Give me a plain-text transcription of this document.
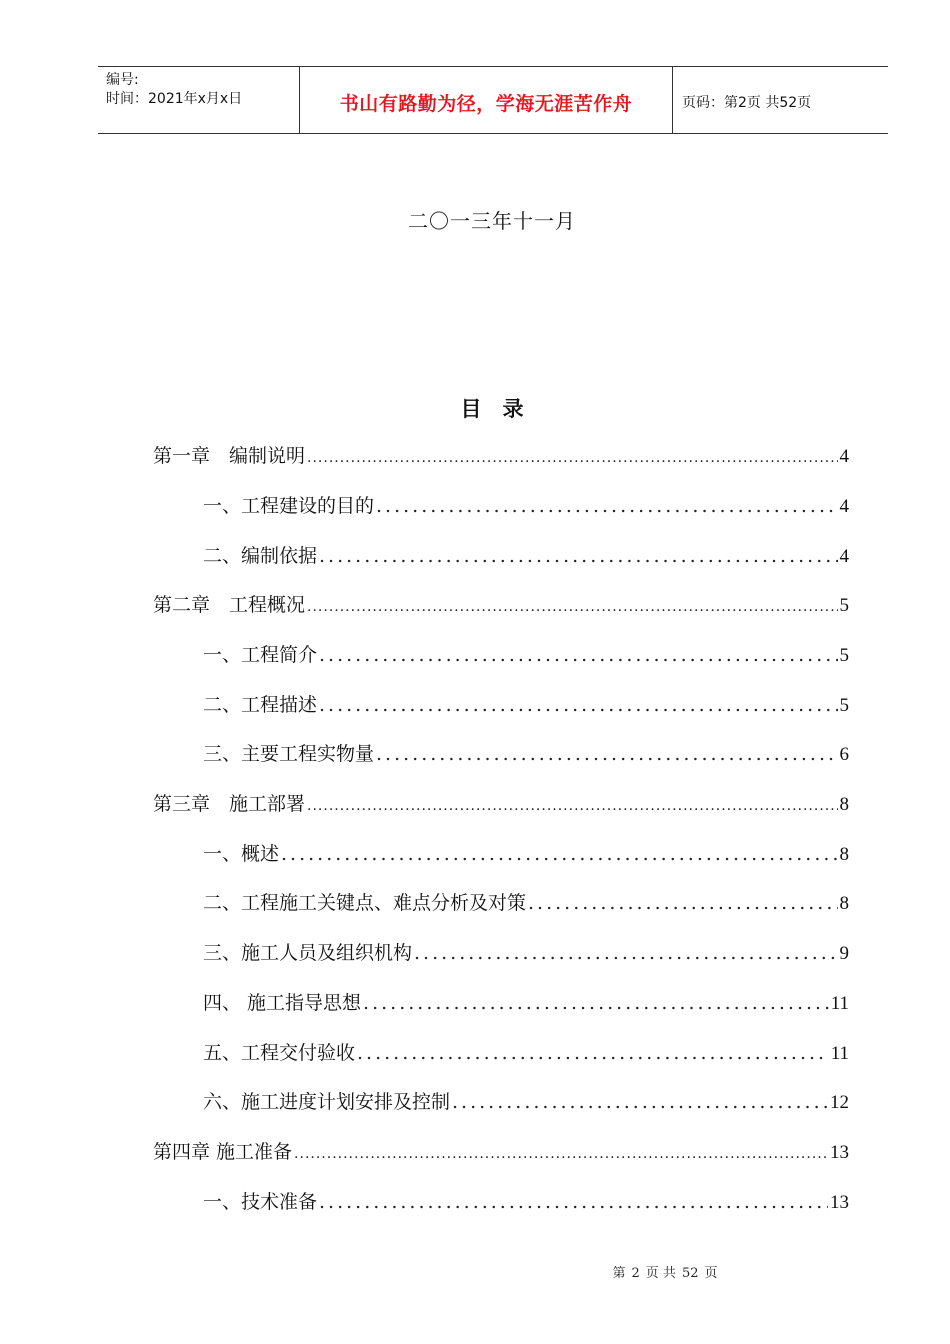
编号:
时间：2021年x月x日	书山有路勤为径，学海无涯苦作舟	页码：第2页 共52页
二〇一三年十一月
目　录
第一章　编制说明 .....	4
一、工程建设的目的 .....	4
二、编制依据 .....	4
第二章　工程概况 .....	5
一、工程简介 .....	5
二、工程描述 .....	5
三、主要工程实物量 .....	6
第三章　施工部署 .....	8
一、概述 .....	8
二、工程施工关键点、难点分析及对策 .....	8
三、施工人员及组织机构 .....	9
四、 施工指导思想 .....	11
五、工程交付验收 .....	11
六、施工进度计划安排及控制 .....	12
第四章 施工准备 .....	13
一、技术准备 .....	13
第 2 页 共 52 页
